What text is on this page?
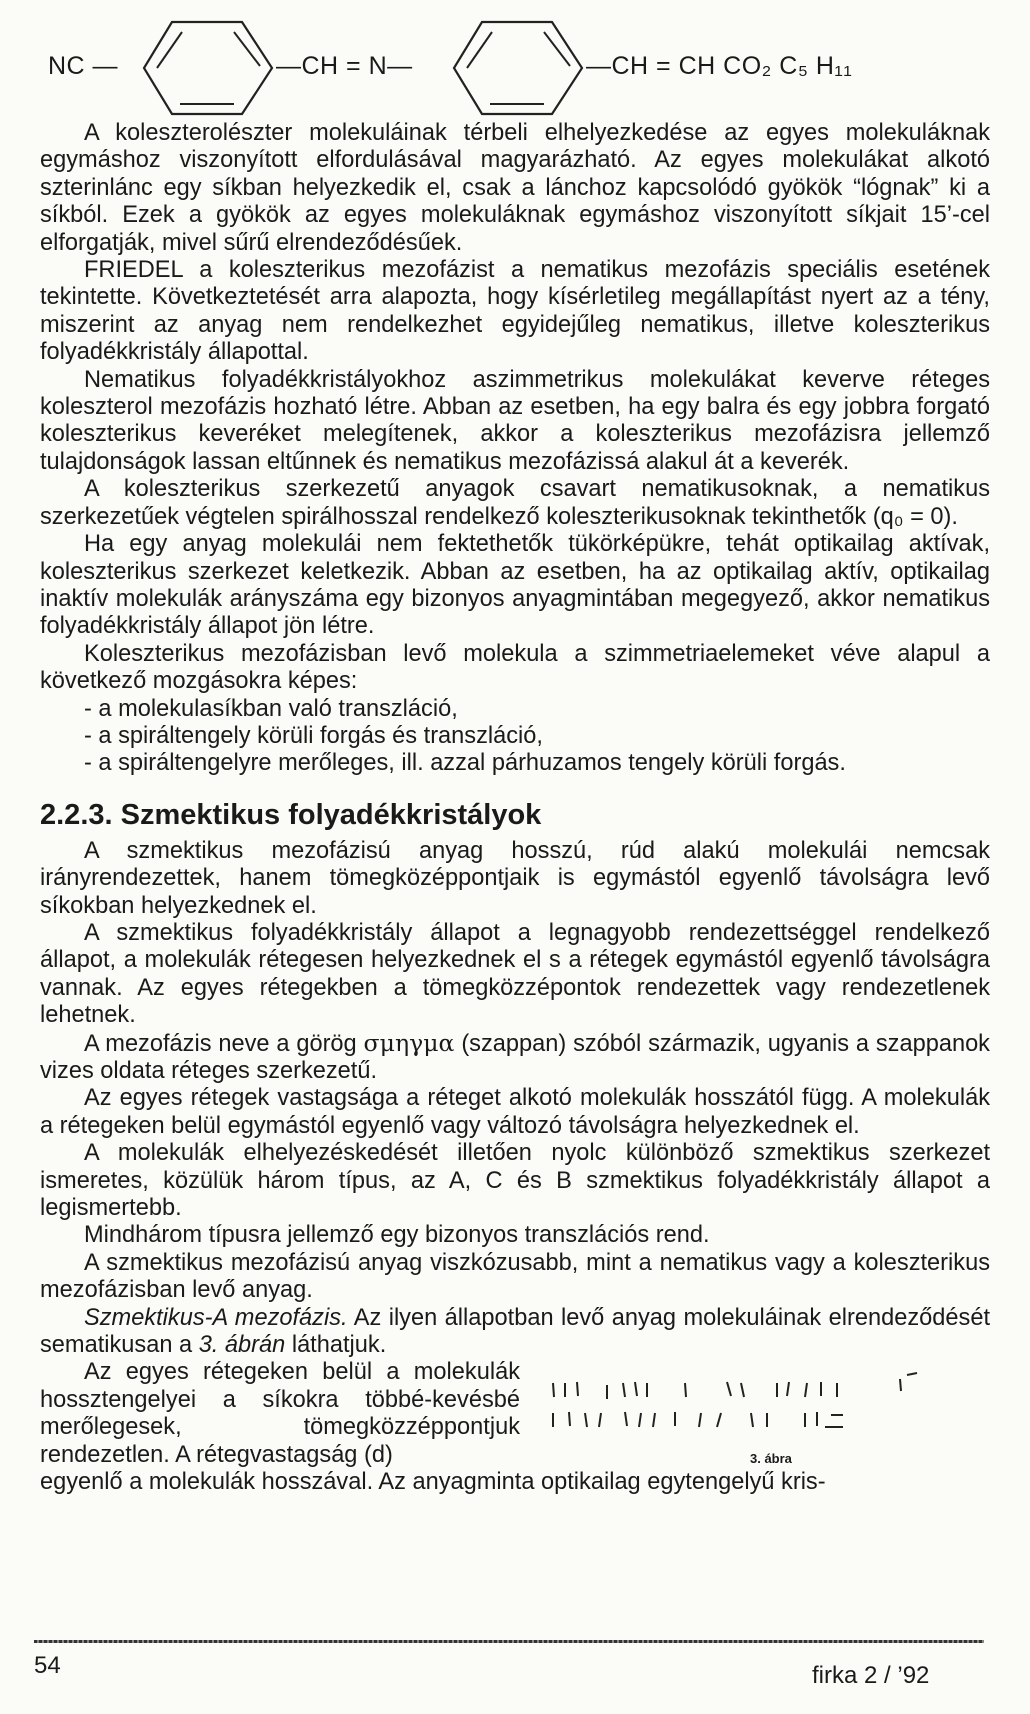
NC —	—CH = N—	—CH = CH CO₂ C₅ H₁₁

A koleszterolészter molekuláinak térbeli elhelyezkedése az egyes molekuláknak egymáshoz viszonyított elfordulásával magyarázható. Az egyes molekulákat alkotó szterinlánc egy síkban helyezkedik el, csak a lánchoz kapcsolódó gyökök “lógnak” ki a síkból. Ezek a gyökök az egyes molekuláknak egymáshoz viszonyított síkjait 15’-cel elforgatják, mivel sűrű elrendeződésűek.

FRIEDEL a koleszterikus mezofázist a nematikus mezofázis speciális esetének tekintette. Következtetését arra alapozta, hogy kísérletileg megállapítást nyert az a tény, miszerint az anyag nem rendelkezhet egyidejűleg nematikus, illetve koleszterikus folyadékkristály állapottal.

Nematikus folyadékkristályokhoz aszimmetrikus molekulákat keverve réteges koleszterol mezofázis hozható létre. Abban az esetben, ha egy balra és egy jobbra forgató koleszterikus keveréket melegítenek, akkor a koleszterikus mezofázisra jellemző tulajdonságok lassan eltűnnek és nematikus mezofázissá alakul át a keverék.

A koleszterikus szerkezetű anyagok csavart nematikusoknak, a nematikus szerkezetűek végtelen spirálhosszal rendelkező koleszterikusoknak tekinthetők (q₀ = 0).

Ha egy anyag molekulái nem fektethetők tükörképükre, tehát optikailag aktívak, koleszterikus szerkezet keletkezik. Abban az esetben, ha az optikailag aktív, optikailag inaktív molekulák arányszáma egy bizonyos anyagmintában megegyező, akkor nematikus folyadékkristály állapot jön létre.

Koleszterikus mezofázisban levő molekula a szimmetriaelemeket véve alapul a következő mozgásokra képes:

- a molekulasíkban való transzláció,

- a spiráltengely körüli forgás és transzláció,

- a spiráltengelyre merőleges, ill. azzal párhuzamos tengely körüli forgás.

2.2.3. Szmektikus folyadékkristályok

A szmektikus mezofázisú anyag hosszú, rúd alakú molekulái nemcsak irányrendezettek, hanem tömegközéppontjaik is egymástól egyenlő távolságra levő síkokban helyezkednek el.

A szmektikus folyadékkristály állapot a legnagyobb rendezettséggel rendelkező állapot, a molekulák rétegesen helyezkednek el s a rétegek egymástól egyenlő távolságra vannak. Az egyes rétegekben a tömegközzépontok rendezettek vagy rendezetlenek lehetnek.

A mezofázis neve a görög σμηγμα (szappan) szóból származik, ugyanis a szappanok vizes oldata réteges szerkezetű.

Az egyes rétegek vastagsága a réteget alkotó molekulák hosszától függ. A molekulák a rétegeken belül egymástól egyenlő vagy változó távolságra helyezkednek el.

A molekulák elhelyezéskedését illetően nyolc különböző szmektikus szerkezet ismeretes, közülük három típus, az A, C és B szmektikus folyadékkristály állapot a legismertebb.

Mindhárom típusra jellemző egy bizonyos transzlációs rend.

A szmektikus mezofázisú anyag viszkózusabb, mint a nematikus vagy a koleszterikus mezofázisban levő anyag.

Szmektikus-A mezofázis. Az ilyen állapotban levő anyag molekuláinak elrendeződését sematikusan a 3. ábrán láthatjuk.

Az egyes rétegeken belül a molekulák hossztengelyei a síkokra többé-kevésbé merőlegesek, tömegközzéppontjuk rendezetlen. A rétegvastagság (d)	3. ábra

egyenlő a molekulák hosszával. Az anyagminta optikailag egytengelyű kris-

54	firka 2 / ’92
